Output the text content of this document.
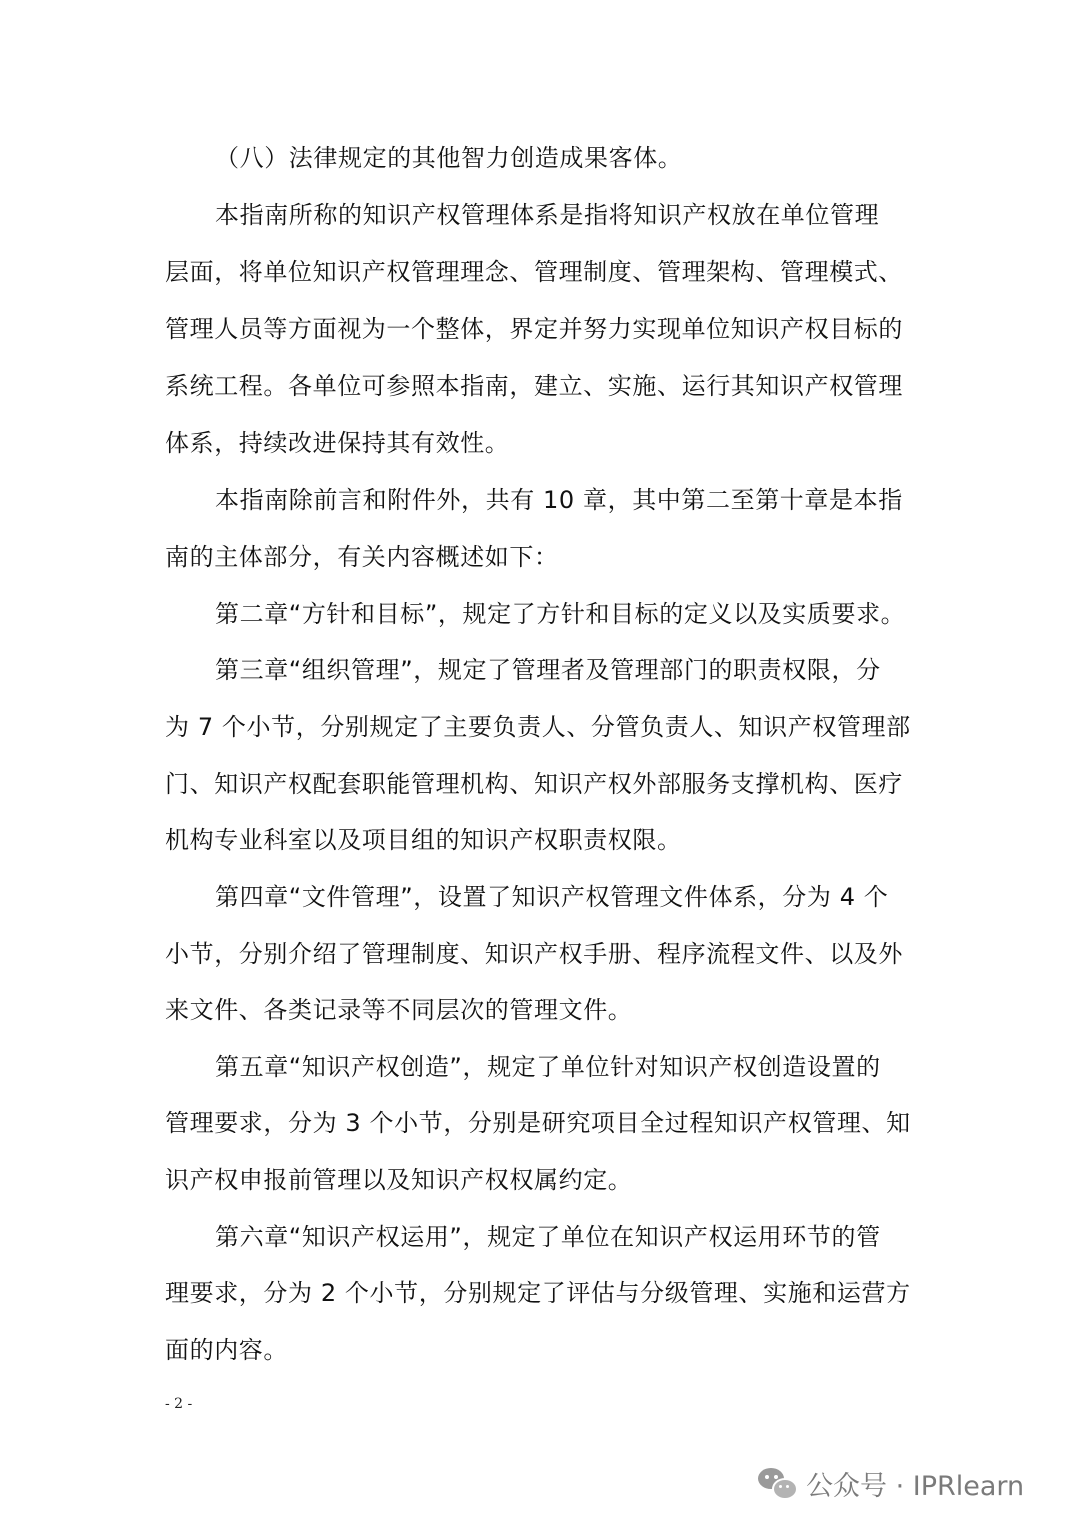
（八）法律规定的其他智力创造成果客体。
本指南所称的知识产权管理体系是指将知识产权放在单位管理
层面，将单位知识产权管理理念、管理制度、管理架构、管理模式、
管理人员等方面视为一个整体，界定并努力实现单位知识产权目标的
系统工程。各单位可参照本指南，建立、实施、运行其知识产权管理
体系，持续改进保持其有效性。
本指南除前言和附件外，共有 10 章，其中第二至第十章是本指
南的主体部分，有关内容概述如下：
第二章“方针和目标”，规定了方针和目标的定义以及实质要求。
第三章“组织管理”，规定了管理者及管理部门的职责权限，分
为 7 个小节，分别规定了主要负责人、分管负责人、知识产权管理部
门、知识产权配套职能管理机构、知识产权外部服务支撑机构、医疗
机构专业科室以及项目组的知识产权职责权限。
第四章“文件管理”，设置了知识产权管理文件体系，分为 4 个
小节，分别介绍了管理制度、知识产权手册、程序流程文件、以及外
来文件、各类记录等不同层次的管理文件。
第五章“知识产权创造”，规定了单位针对知识产权创造设置的
管理要求，分为 3 个小节，分别是研究项目全过程知识产权管理、知
识产权申报前管理以及知识产权权属约定。
第六章“知识产权运用”，规定了单位在知识产权运用环节的管
理要求，分为 2 个小节，分别规定了评估与分级管理、实施和运营方
面的内容。
- 2 -
公众号 · IPRlearn
